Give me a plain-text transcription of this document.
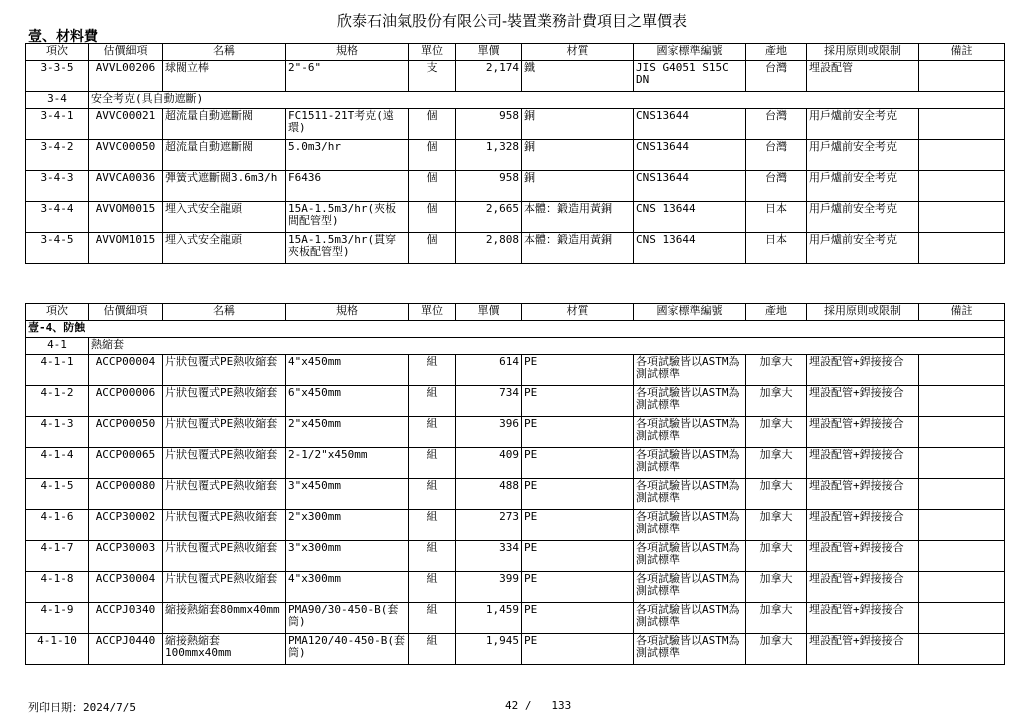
欣泰石油氣股份有限公司-裝置業務計費項目之單價表
壹、材料費
項次	估價細項	名稱	規格	單位	單價	材質	國家標準編號	產地	採用原則或限制	備註
3-3-5	AVVL00206	球閥立棒	2"-6"	支	2,174	鐵	JIS G4051 S15C DN	台灣	埋設配管	
3-4	安全考克(具自動遮斷)									
3-4-1	AVVC00021	超流量自動遮斷閥	FC1511-21T考克(遠環)	個	958	銅	CNS13644	台灣	用戶爐前安全考克	
3-4-2	AVVC00050	超流量自動遮斷閥	5.0m3/hr	個	1,328	銅	CNS13644	台灣	用戶爐前安全考克	
3-4-3	AVVCA0036	彈簧式遮斷閥3.6m3/h	F6436	個	958	銅	CNS13644	台灣	用戶爐前安全考克	
3-4-4	AVVOM0015	埋入式安全龍頭	15A-1.5m3/hr(夾板間配管型)	個	2,665	本體：鍛造用黃銅	CNS 13644	日本	用戶爐前安全考克	
3-4-5	AVVOM1015	埋入式安全龍頭	15A-1.5m3/hr(貫穿夾板配管型)	個	2,808	本體：鍛造用黃銅	CNS 13644	日本	用戶爐前安全考克	
項次	估價細項	名稱	規格	單位	單價	材質	國家標準編號	產地	採用原則或限制	備註
壹-4、防蝕										
4-1	熱縮套									
4-1-1	ACCP00004	片狀包覆式PE熱收縮套	4"x450mm	組	614	PE	各項試驗皆以ASTM為測試標準	加拿大	埋設配管+銲接接合	
4-1-2	ACCP00006	片狀包覆式PE熱收縮套	6"x450mm	組	734	PE	各項試驗皆以ASTM為測試標準	加拿大	埋設配管+銲接接合	
4-1-3	ACCP00050	片狀包覆式PE熱收縮套	2"x450mm	組	396	PE	各項試驗皆以ASTM為測試標準	加拿大	埋設配管+銲接接合	
4-1-4	ACCP00065	片狀包覆式PE熱收縮套	2-1/2"x450mm	組	409	PE	各項試驗皆以ASTM為測試標準	加拿大	埋設配管+銲接接合	
4-1-5	ACCP00080	片狀包覆式PE熱收縮套	3"x450mm	組	488	PE	各項試驗皆以ASTM為測試標準	加拿大	埋設配管+銲接接合	
4-1-6	ACCP30002	片狀包覆式PE熱收縮套	2"x300mm	組	273	PE	各項試驗皆以ASTM為測試標準	加拿大	埋設配管+銲接接合	
4-1-7	ACCP30003	片狀包覆式PE熱收縮套	3"x300mm	組	334	PE	各項試驗皆以ASTM為測試標準	加拿大	埋設配管+銲接接合	
4-1-8	ACCP30004	片狀包覆式PE熱收縮套	4"x300mm	組	399	PE	各項試驗皆以ASTM為測試標準	加拿大	埋設配管+銲接接合	
4-1-9	ACCPJ0340	縮接熱縮套80mmx40mm	PMA90/30-450-B(套筒)	組	1,459	PE	各項試驗皆以ASTM為測試標準	加拿大	埋設配管+銲接接合	
4-1-10	ACCPJ0440	縮接熱縮套100mmx40mm	PMA120/40-450-B(套筒)	組	1,945	PE	各項試驗皆以ASTM為測試標準	加拿大	埋設配管+銲接接合	
列印日期：2024/7/5	42 /   133
